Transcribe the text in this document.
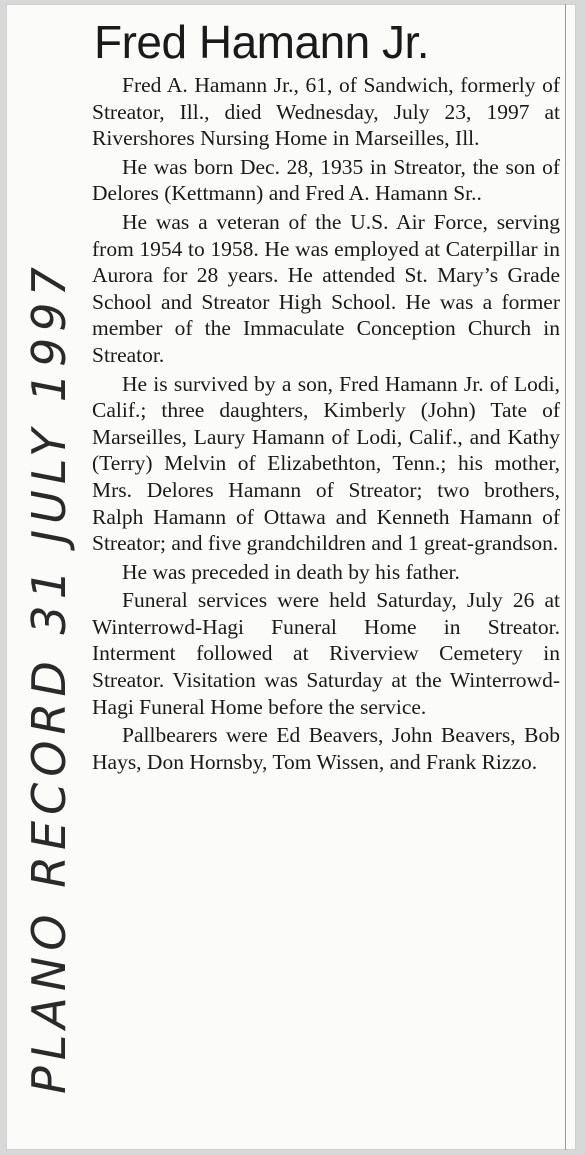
PLANO RECORD 31 JULY 1997
Fred Hamann Jr.

Fred A. Hamann Jr., 61, of Sandwich, formerly of Streator, Ill., died Wednesday, July 23, 1997 at Rivershores Nursing Home in Marseilles, Ill.

He was born Dec. 28, 1935 in Streator, the son of Delores (Kettmann) and Fred A. Hamann Sr..

He was a veteran of the U.S. Air Force, serving from 1954 to 1958. He was employed at Caterpillar in Aurora for 28 years. He attended St. Mary’s Grade School and Streator High School. He was a former member of the Immaculate Conception Church in Streator.

He is survived by a son, Fred Hamann Jr. of Lodi, Calif.; three daughters, Kimberly (John) Tate of Marseilles, Laury Hamann of Lodi, Calif., and Kathy (Terry) Melvin of Elizabethton, Tenn.; his mother, Mrs. Delores Hamann of Streator; two brothers, Ralph Hamann of Ottawa and Kenneth Hamann of Streator; and five grandchildren and 1 great-grandson.

He was preceded in death by his father.

Funeral services were held Saturday, July 26 at Winterrowd-Hagi Funeral Home in Streator. Interment followed at Riverview Cemetery in Streator. Visitation was Saturday at the Winterrowd-Hagi Funeral Home before the service.

Pallbearers were Ed Beavers, John Beavers, Bob Hays, Don Hornsby, Tom Wissen, and Frank Rizzo.
